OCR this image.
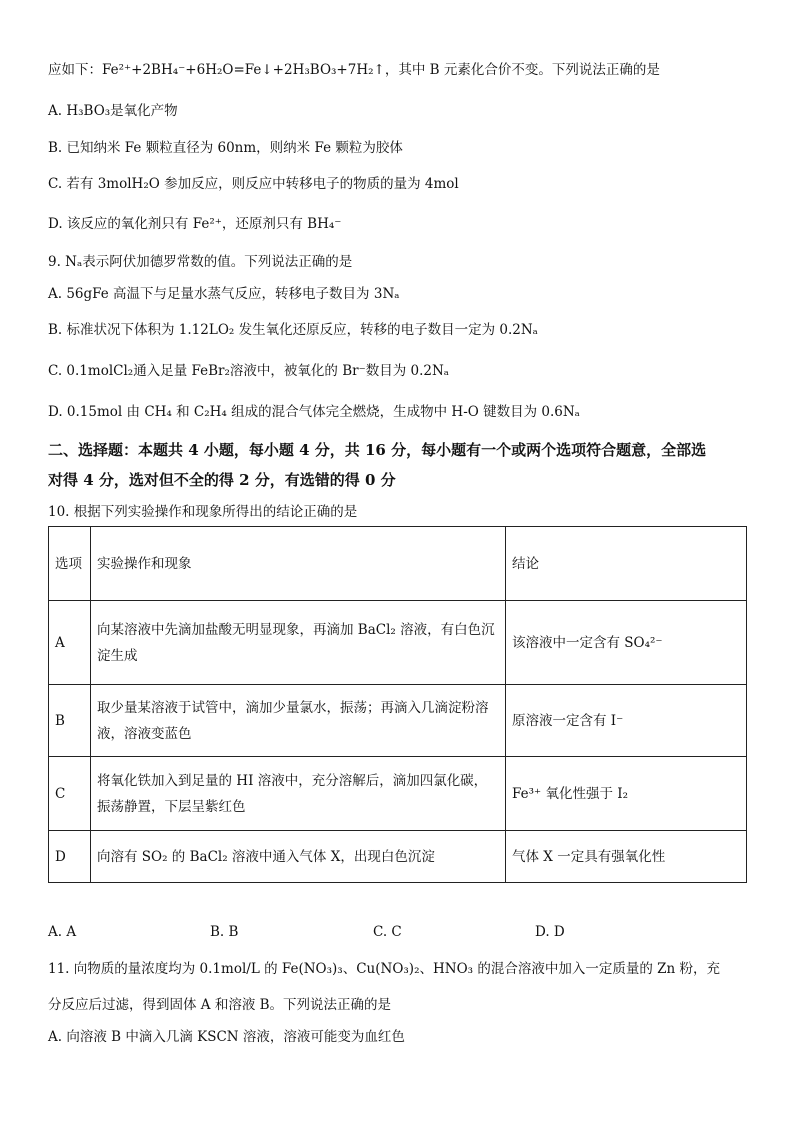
应如下：Fe²⁺+2BH₄⁻+6H₂O=Fe↓+2H₃BO₃+7H₂↑，其中 B 元素化合价不变。下列说法正确的是
A. H₃BO₃是氧化产物
B. 已知纳米 Fe 颗粒直径为 60nm，则纳米 Fe 颗粒为胶体
C. 若有 3molH₂O 参加反应，则反应中转移电子的物质的量为 4mol
D. 该反应的氧化剂只有 Fe²⁺，还原剂只有 BH₄⁻
9. Nₐ表示阿伏加德罗常数的值。下列说法正确的是
A. 56gFe 高温下与足量水蒸气反应，转移电子数目为 3Nₐ
B. 标准状况下体积为 1.12LO₂ 发生氧化还原反应，转移的电子数目一定为 0.2Nₐ
C. 0.1molCl₂通入足量 FeBr₂溶液中，被氧化的 Br⁻数目为 0.2Nₐ
D. 0.15mol 由 CH₄ 和 C₂H₄ 组成的混合气体完全燃烧，生成物中 H-O 键数目为 0.6Nₐ
二、选择题：本题共 4 小题，每小题 4 分，共 16 分，每小题有一个或两个选项符合题意，全部选
对得 4 分，选对但不全的得 2 分，有选错的得 0 分
10. 根据下列实验操作和现象所得出的结论正确的是
选项	实验操作和现象	结论
A	向某溶液中先滴加盐酸无明显现象，再滴加 BaCl₂ 溶液，有白色沉淀生成	该溶液中一定含有 SO₄²⁻
B	取少量某溶液于试管中，滴加少量氯水，振荡；再滴入几滴淀粉溶液，溶液变蓝色	原溶液一定含有 I⁻
C	将氧化铁加入到足量的 HI 溶液中，充分溶解后，滴加四氯化碳，振荡静置，下层呈紫红色	Fe³⁺ 氧化性强于 I₂
D	向溶有 SO₂ 的 BaCl₂ 溶液中通入气体 X，出现白色沉淀	气体 X 一定具有强氧化性
A. A	B. B	C. C	D. D
11. 向物质的量浓度均为 0.1mol/L 的 Fe(NO₃)₃、Cu(NO₃)₂、HNO₃ 的混合溶液中加入一定质量的 Zn 粉，充
分反应后过滤，得到固体 A 和溶液 B。下列说法正确的是
A. 向溶液 B 中滴入几滴 KSCN 溶液，溶液可能变为血红色
